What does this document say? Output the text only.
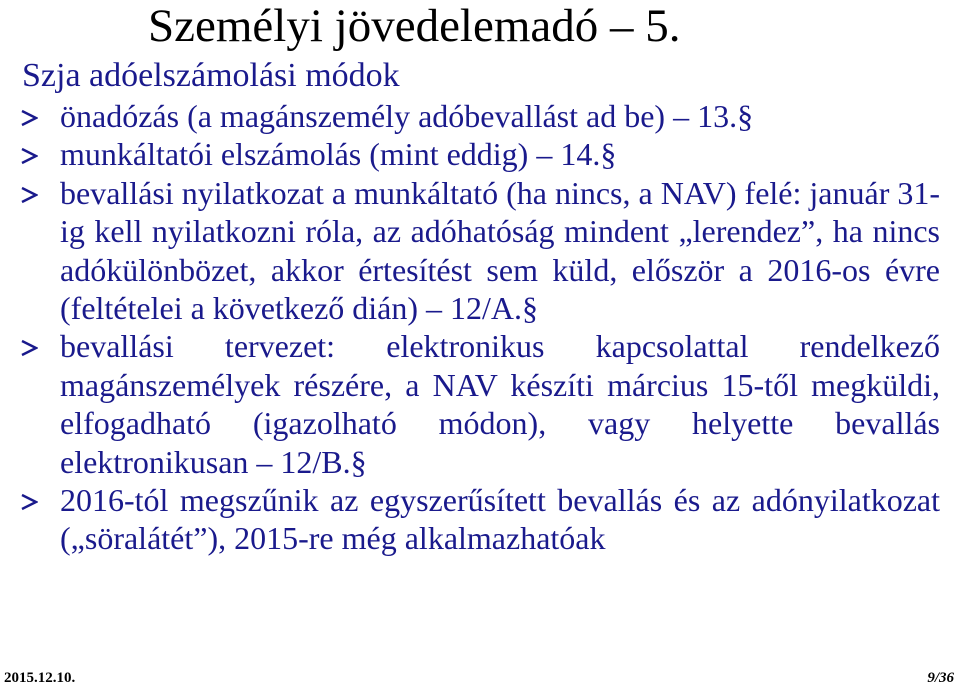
Személyi jövedelemadó – 5.
Szja adóelszámolási módok
önadózás (a magánszemély adóbevallást ad be) – 13.§
munkáltatói elszámolás (mint eddig) – 14.§
bevallási nyilatkozat a munkáltató (ha nincs, a NAV) felé: január 31-ig kell nyilatkozni róla, az adóhatóság mindent „lerendez”, ha nincs adókülönbözet, akkor értesítést sem küld, először a 2016-os évre (feltételei a következő dián) – 12/A.§
bevallási tervezet: elektronikus kapcsolattal rendelkező magánszemélyek részére, a NAV készíti március 15-től megküldi, elfogadható (igazolható módon), vagy helyette bevallás elektronikusan – 12/B.§
2016-tól megszűnik az egyszerűsített bevallás és az adónyilatkozat („söralátét”), 2015-re még alkalmazhatóak
2015.12.10.	9/36
